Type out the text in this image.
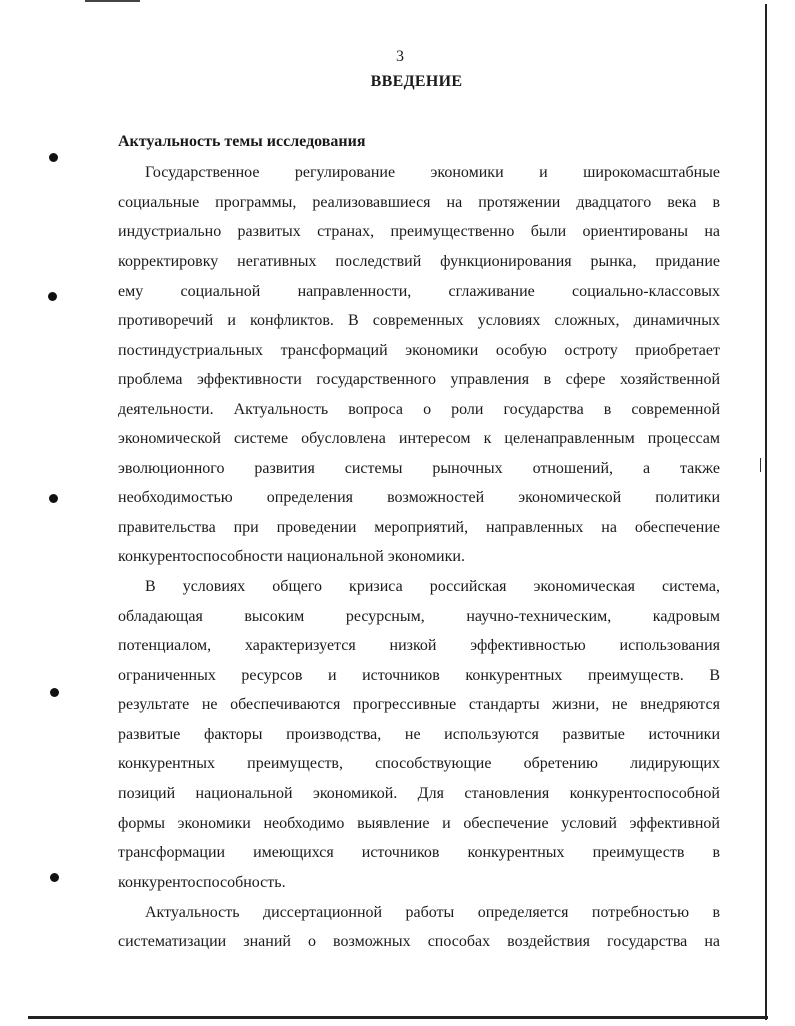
3
ВВЕДЕНИЕ
Актуальность темы исследования
Государственное регулирование экономики и широкомасштабные
социальные программы, реализовавшиеся на протяжении двадцатого века в
индустриально развитых странах, преимущественно были ориентированы на
корректировку негативных последствий функционирования рынка, придание
ему социальной направленности, сглаживание социально-классовых
противоречий и конфликтов. В современных условиях сложных, динамичных
постиндустриальных трансформаций экономики особую остроту приобретает
проблема эффективности государственного управления в сфере хозяйственной
деятельности. Актуальность вопроса о роли государства в современной
экономической системе обусловлена интересом к целенаправленным процессам
эволюционного развития системы рыночных отношений, а также
необходимостью определения возможностей экономической политики
правительства при проведении мероприятий, направленных на обеспечение
конкурентоспособности национальной экономики.
В условиях общего кризиса российская экономическая система,
обладающая высоким ресурсным, научно-техническим, кадровым
потенциалом, характеризуется низкой эффективностью использования
ограниченных ресурсов и источников конкурентных преимуществ. В
результате не обеспечиваются прогрессивные стандарты жизни, не внедряются
развитые факторы производства, не используются развитые источники
конкурентных преимуществ, способствующие обретению лидирующих
позиций национальной экономикой. Для становления конкурентоспособной
формы экономики необходимо выявление и обеспечение условий эффективной
трансформации имеющихся источников конкурентных преимуществ в
конкурентоспособность.
Актуальность диссертационной работы определяется потребностью в
систематизации знаний о возможных способах воздействия государства на
